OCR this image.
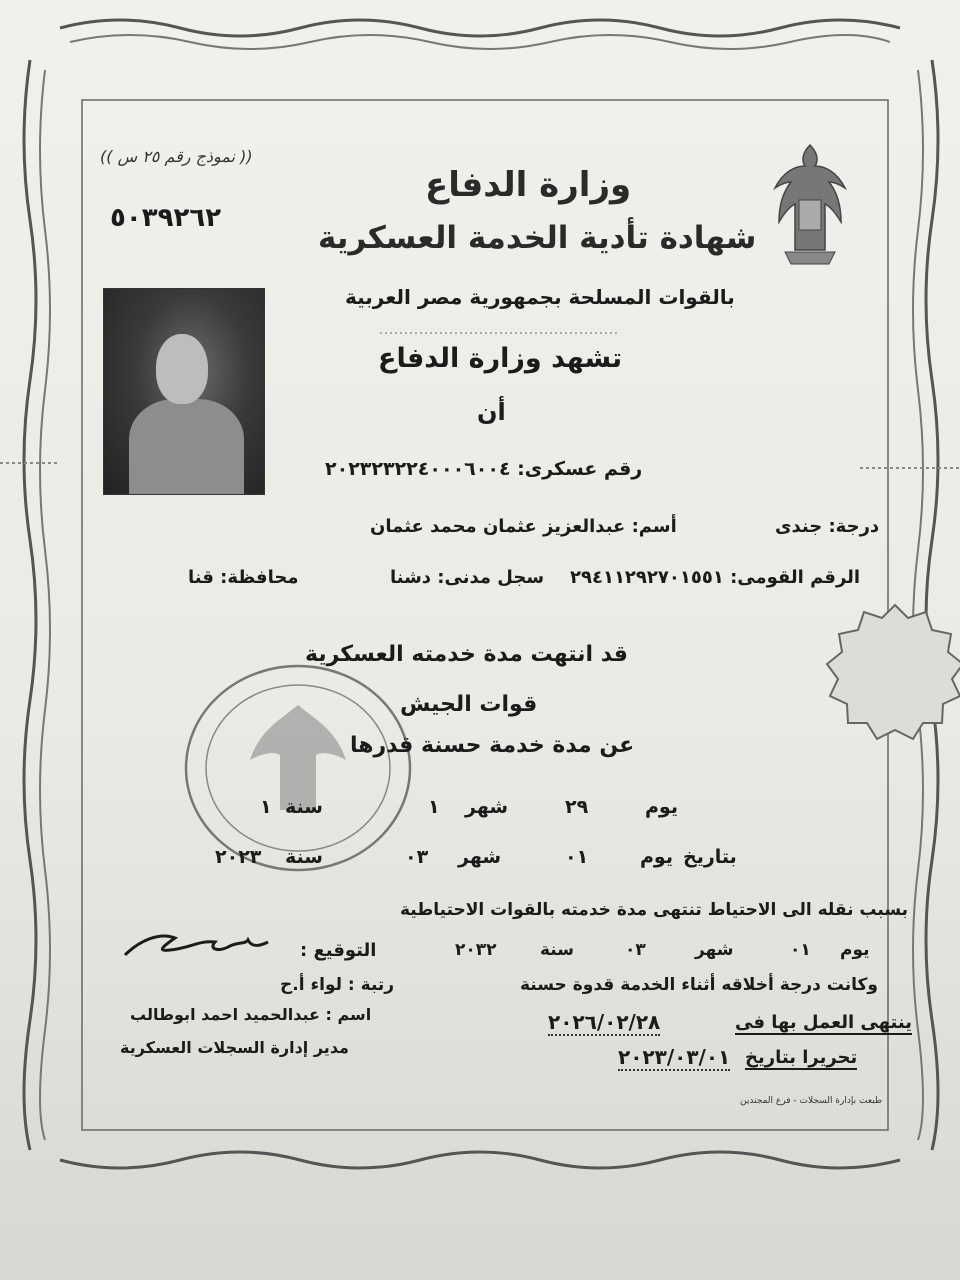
(( نموذج رقم ٢٥ س ))
٥٠٣٩٢٦٢
وزارة الدفاع
شهادة تأدية الخدمة العسكرية
بالقوات المسلحة بجمهورية مصر العربية
تشهد وزارة الدفاع
أن
رقم عسكرى: ٢٠٢٣٢٣٢٢٤٠٠٠٦٠٠٤
درجة: جندى
أسم: عبدالعزيز عثمان محمد عثمان
الرقم القومى: ٢٩٤١١٢٩٢٧٠١٥٥١
سجل مدنى: دشنا
محافظة: قنا
قد انتهت مدة خدمته العسكرية
قوات الجيش
عن مدة خدمة حسنة قدرها
يوم
٢٩
شهر
١
سنة
١
بتاريخ
يوم
٠١
شهر
٠٣
سنة
٢٠٢٣
بسبب نقله الى الاحتياط تنتهى مدة خدمته بالقوات الاحتياطية
يوم
٠١
شهر
٠٣
سنة
٢٠٣٢
وكانت درجة أخلاقه أثناء الخدمة قدوة حسنة
ينتهى العمل بها فى
٢٠٢٦/٠٢/٢٨
تحريرا بتاريخ
٢٠٢٣/٠٣/٠١
طبعت بإدارة السجلات - فرع المجندين
التوقيع :
رتبة : لواء أ.ح
اسم : عبدالحميد احمد ابوطالب
مدير إدارة السجلات العسكرية
